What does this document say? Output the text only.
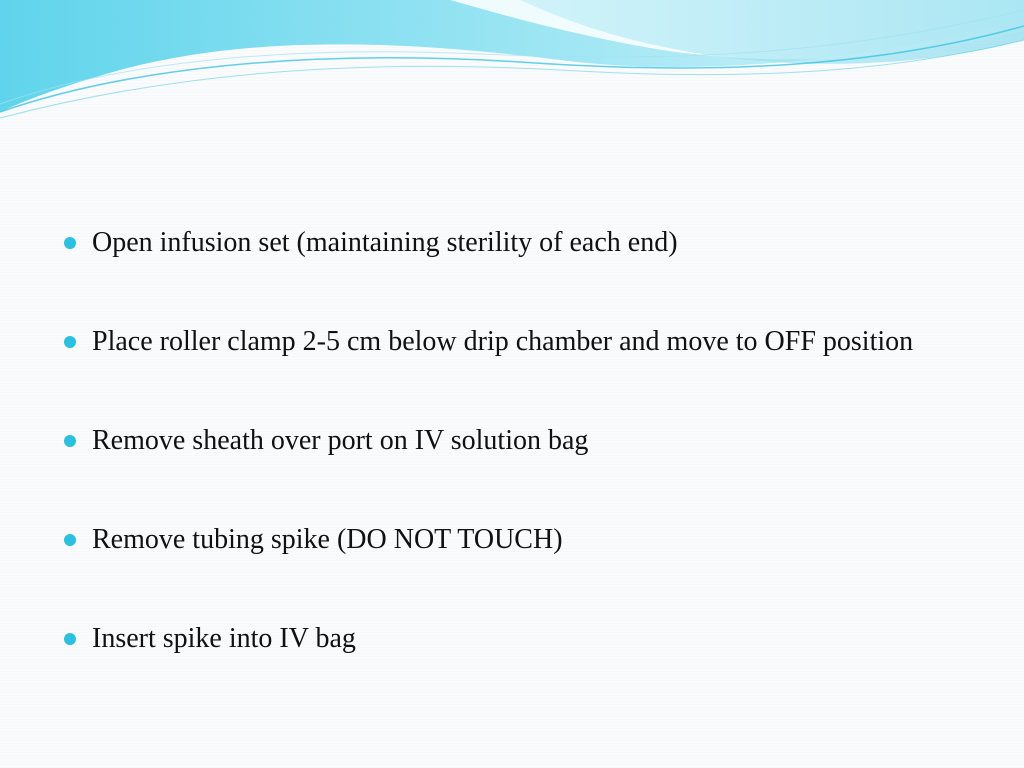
Open infusion set (maintaining sterility of each end)
Place roller clamp 2-5 cm below drip chamber and move to OFF position
Remove sheath over port on IV solution bag
Remove tubing spike (DO NOT TOUCH)
Insert spike into IV bag
